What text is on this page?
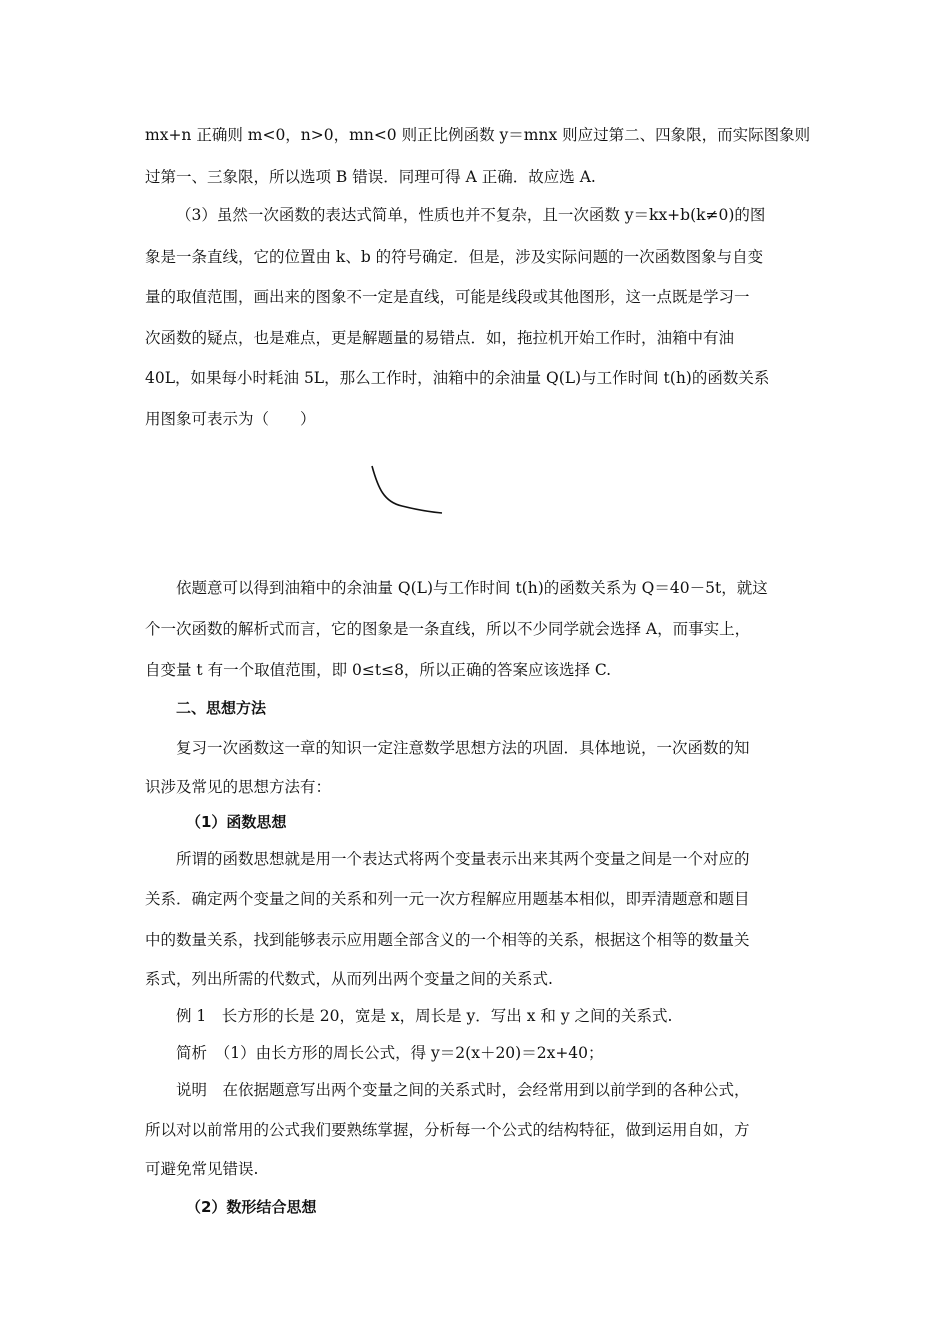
mx+n 正确则 m<0，n>0，mn<0 则正比例函数 y＝mnx 则应过第二、四象限，而实际图象则
过第一、三象限，所以选项 B 错误．同理可得 A 正确．故应选 A.
（3）虽然一次函数的表达式简单，性质也并不复杂，且一次函数 y＝kx+b(k≠0)的图
象是一条直线，它的位置由 k、b 的符号确定．但是，涉及实际问题的一次函数图象与自变
量的取值范围，画出来的图象不一定是直线，可能是线段或其他图形，这一点既是学习一
次函数的疑点，也是难点，更是解题量的易错点．如，拖拉机开始工作时，油箱中有油
40L，如果每小时耗油 5L，那么工作时，油箱中的余油量 Q(L)与工作时间 t(h)的函数关系
用图象可表示为（　　）
依题意可以得到油箱中的余油量 Q(L)与工作时间 t(h)的函数关系为 Q＝40－5t，就这
个一次函数的解析式而言，它的图象是一条直线，所以不少同学就会选择 A，而事实上，
自变量 t 有一个取值范围，即 0≤t≤8，所以正确的答案应该选择 C.
二、思想方法
复习一次函数这一章的知识一定注意数学思想方法的巩固．具体地说，一次函数的知
识涉及常见的思想方法有：
（1）函数思想
所谓的函数思想就是用一个表达式将两个变量表示出来其两个变量之间是一个对应的
关系．确定两个变量之间的关系和列一元一次方程解应用题基本相似，即弄清题意和题目
中的数量关系，找到能够表示应用题全部含义的一个相等的关系，根据这个相等的数量关
系式，列出所需的代数式，从而列出两个变量之间的关系式.
例 1　长方形的长是 20，宽是 x，周长是 y．写出 x 和 y 之间的关系式.
简析　（1）由长方形的周长公式，得 y＝2(x＋20)＝2x+40；
说明　在依据题意写出两个变量之间的关系式时，会经常用到以前学到的各种公式，
所以对以前常用的公式我们要熟练掌握，分析每一个公式的结构特征，做到运用自如，方
可避免常见错误.
（2）数形结合思想
